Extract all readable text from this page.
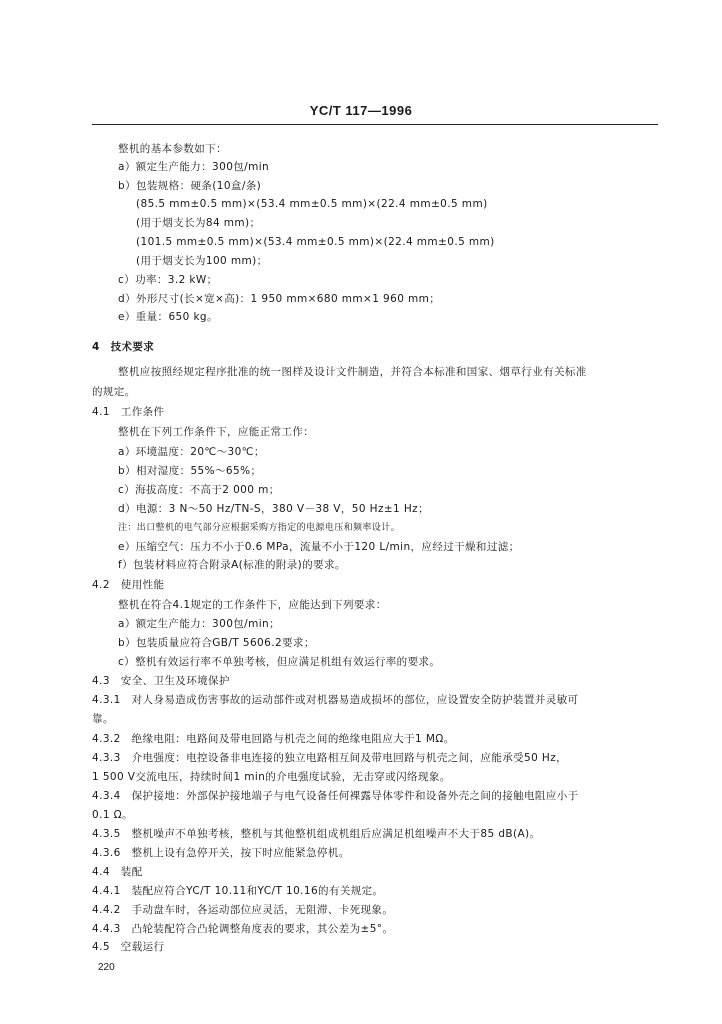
YC/T 117—1996
整机的基本参数如下：
a）额定生产能力：300包/min
b）包装规格：硬条(10盒/条)
(85.5 mm±0.5 mm)×(53.4 mm±0.5 mm)×(22.4 mm±0.5 mm)
(用于烟支长为84 mm)；
(101.5 mm±0.5 mm)×(53.4 mm±0.5 mm)×(22.4 mm±0.5 mm)
(用于烟支长为100 mm)；
c）功率：3.2 kW；
d）外形尺寸(长×宽×高)：1 950 mm×680 mm×1 960 mm；
e）重量：650 kg。
4　技术要求
整机应按照经规定程序批准的统一图样及设计文件制造，并符合本标准和国家、烟草行业有关标准
的规定。
4.1　工作条件
整机在下列工作条件下，应能正常工作：
a）环境温度：20℃～30℃；
b）相对湿度：55%～65%；
c）海拔高度：不高于2 000 m；
d）电源：3 N～50 Hz/TN-S，380 V－38 V，50 Hz±1 Hz；
注：出口整机的电气部分应根据采购方指定的电源电压和频率设计。
e）压缩空气：压力不小于0.6 MPa，流量不小于120 L/min，应经过干燥和过滤；
f）包装材料应符合附录A(标准的附录)的要求。
4.2　使用性能
整机在符合4.1规定的工作条件下，应能达到下列要求：
a）额定生产能力：300包/min；
b）包装质量应符合GB/T 5606.2要求；
c）整机有效运行率不单独考核，但应满足机组有效运行率的要求。
4.3　安全、卫生及环境保护
4.3.1　对人身易造成伤害事故的运动部件或对机器易造成损坏的部位，应设置安全防护装置并灵敏可
靠。
4.3.2　绝缘电阻：电路间及带电回路与机壳之间的绝缘电阻应大于1 MΩ。
4.3.3　介电强度：电控设备非电连接的独立电路相互间及带电回路与机壳之间，应能承受50 Hz，
1 500 V交流电压，持续时间1 min的介电强度试验，无击穿或闪络现象。
4.3.4　保护接地：外部保护接地端子与电气设备任何裸露导体零件和设备外壳之间的接触电阻应小于
0.1 Ω。
4.3.5　整机噪声不单独考核，整机与其他整机组成机组后应满足机组噪声不大于85 dB(A)。
4.3.6　整机上设有急停开关，按下时应能紧急停机。
4.4　装配
4.4.1　装配应符合YC/T 10.11和YC/T 10.16的有关规定。
4.4.2　手动盘车时，各运动部位应灵活，无阻滞、卡死现象。
4.4.3　凸轮装配符合凸轮调整角度表的要求，其公差为±5°。
4.5　空载运行
220
